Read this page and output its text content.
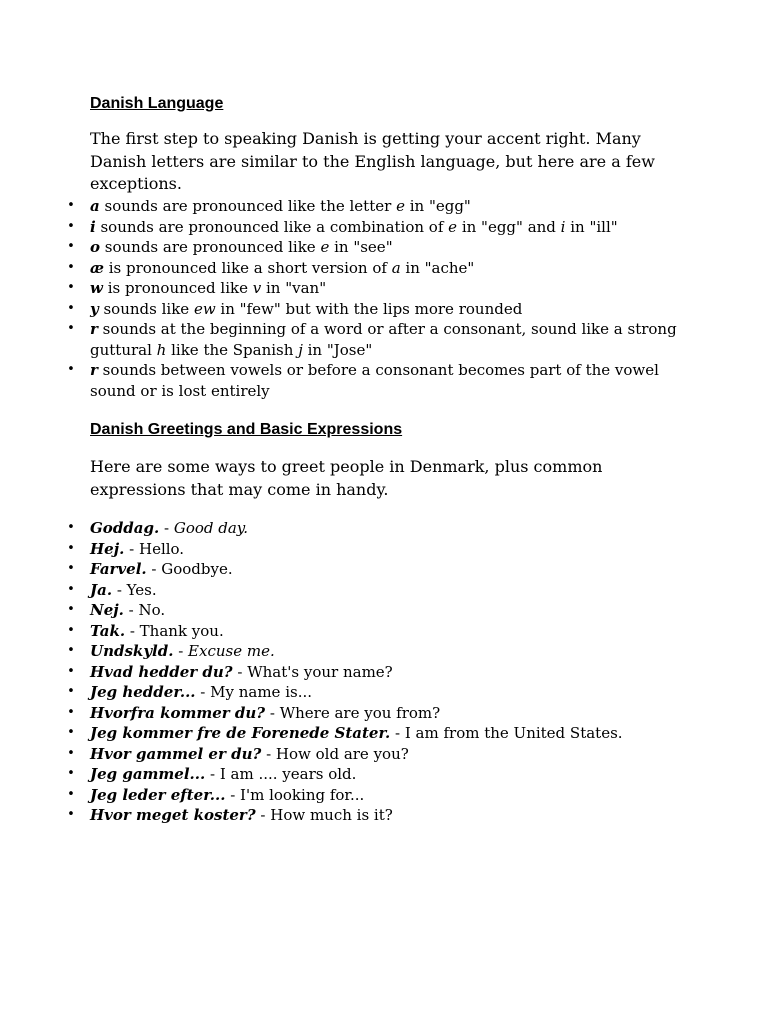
Danish Language
The first step to speaking Danish is getting your accent right. Many Danish letters are similar to the English language, but here are a few exceptions.
• a sounds are pronounced like the letter e in "egg"
• i sounds are pronounced like a combination of e in "egg" and i in "ill"
• o sounds are pronounced like e in "see"
• æ is pronounced like a short version of a in "ache"
• w is pronounced like v in "van"
• y sounds like ew in "few" but with the lips more rounded
• r sounds at the beginning of a word or after a consonant, sound like a strong guttural h like the Spanish j in "Jose"
• r sounds between vowels or before a consonant becomes part of the vowel sound or is lost entirely
Danish Greetings and Basic Expressions
Here are some ways to greet people in Denmark, plus common expressions that may come in handy.
• Goddag. - Good day.
• Hej. - Hello.
• Farvel. - Goodbye.
• Ja. - Yes.
• Nej. - No.
• Tak. - Thank you.
• Undskyld. - Excuse me.
• Hvad hedder du? - What's your name?
• Jeg hedder... - My name is...
• Hvorfra kommer du? - Where are you from?
• Jeg kommer fre de Forenede Stater. - I am from the United States.
• Hvor gammel er du? - How old are you?
• Jeg gammel... - I am .... years old.
• Jeg leder efter... - I'm looking for...
• Hvor meget koster? - How much is it?
